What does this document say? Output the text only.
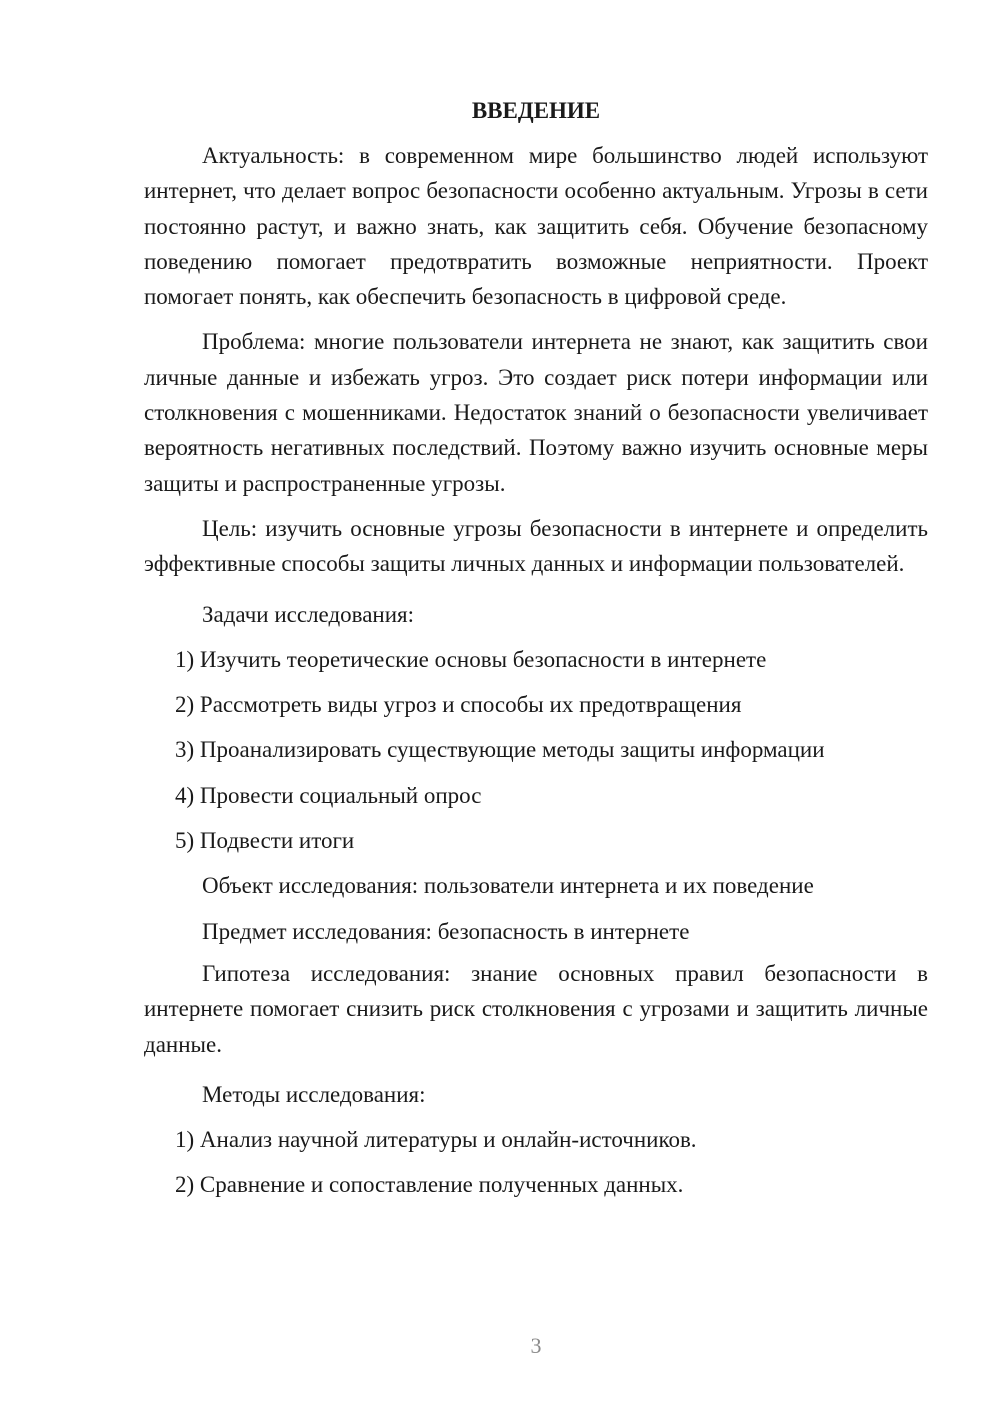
ВВЕДЕНИЕ

Актуальность: в современном мире большинство людей используют интернет, что делает вопрос безопасности особенно актуальным. Угрозы в сети постоянно растут, и важно знать, как защитить себя. Обучение безопасному поведению помогает предотвратить возможные неприятности. Проект помогает понять, как обеспечить безопасность в цифровой среде.

Проблема: многие пользователи интернета не знают, как защитить свои личные данные и избежать угроз. Это создает риск потери информации или столкновения с мошенниками. Недостаток знаний о безопасности увеличивает вероятность негативных последствий. Поэтому важно изучить основные меры защиты и распространенные угрозы.

Цель: изучить основные угрозы безопасности в интернете и определить эффективные способы защиты личных данных и информации пользователей.

Задачи исследования:
1) Изучить теоретические основы безопасности в интернете
2) Рассмотреть виды угроз и способы их предотвращения
3) Проанализировать существующие методы защиты информации
4) Провести социальный опрос
5) Подвести итоги
Объект исследования: пользователи интернета и их поведение
Предмет исследования: безопасность в интернете

Гипотеза исследования: знание основных правил безопасности в интернете помогает снизить риск столкновения с угрозами и защитить личные данные.

Методы исследования:
1) Анализ научной литературы и онлайн-источников.
2) Сравнение и сопоставление полученных данных.
3
